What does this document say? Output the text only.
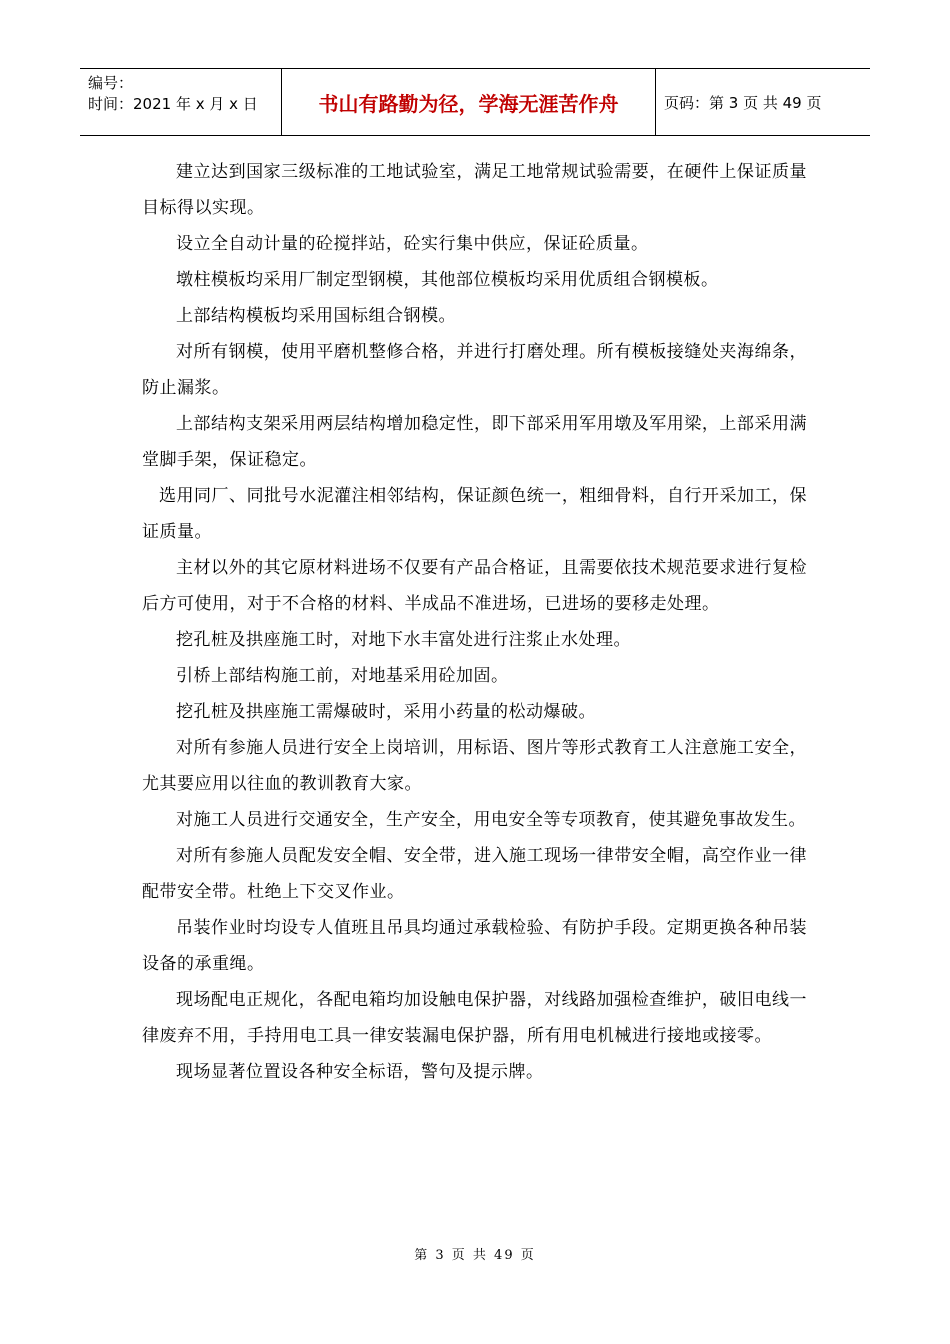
编号：
时间：2021 年 x 月 x 日	书山有路勤为径，学海无涯苦作舟	页码：第 3 页 共 49 页

建立达到国家三级标准的工地试验室，满足工地常规试验需要，在硬件上保证质量目标得以实现。

设立全自动计量的砼搅拌站，砼实行集中供应，保证砼质量。

墩柱模板均采用厂制定型钢模，其他部位模板均采用优质组合钢模板。

上部结构模板均采用国标组合钢模。

对所有钢模，使用平磨机整修合格，并进行打磨处理。所有模板接缝处夹海绵条，防止漏浆。

上部结构支架采用两层结构增加稳定性，即下部采用军用墩及军用梁，上部采用满堂脚手架，保证稳定。

选用同厂、同批号水泥灌注相邻结构，保证颜色统一，粗细骨料，自行开采加工，保证质量。

主材以外的其它原材料进场不仅要有产品合格证，且需要依技术规范要求进行复检后方可使用，对于不合格的材料、半成品不准进场，已进场的要移走处理。

挖孔桩及拱座施工时，对地下水丰富处进行注浆止水处理。

引桥上部结构施工前，对地基采用砼加固。

挖孔桩及拱座施工需爆破时，采用小药量的松动爆破。

对所有参施人员进行安全上岗培训，用标语、图片等形式教育工人注意施工安全，尤其要应用以往血的教训教育大家。

对施工人员进行交通安全，生产安全，用电安全等专项教育，使其避免事故发生。

对所有参施人员配发安全帽、安全带，进入施工现场一律带安全帽，高空作业一律配带安全带。杜绝上下交叉作业。

吊装作业时均设专人值班且吊具均通过承载检验、有防护手段。定期更换各种吊装设备的承重绳。

现场配电正规化，各配电箱均加设触电保护器，对线路加强检查维护，破旧电线一律废弃不用，手持用电工具一律安装漏电保护器，所有用电机械进行接地或接零。

现场显著位置设各种安全标语，警句及提示牌。

第 3 页 共 49 页
